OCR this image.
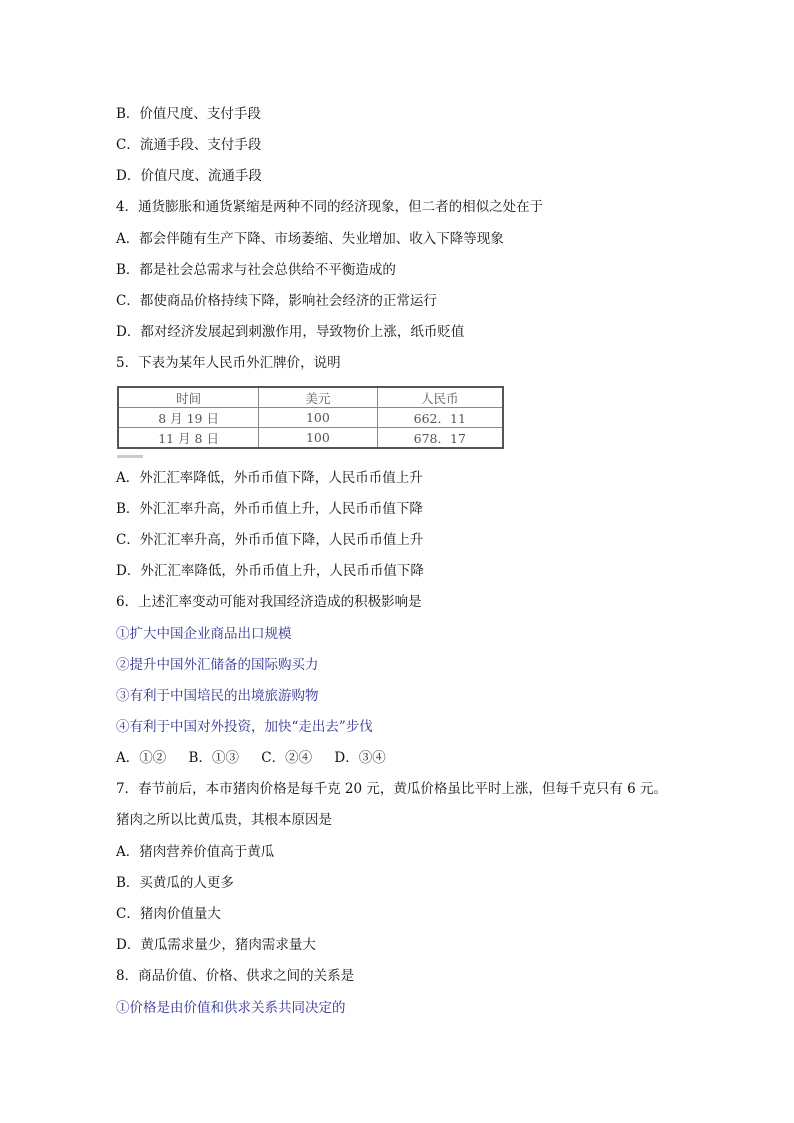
B．价值尺度、支付手段
C．流通手段、支付手段
D．价值尺度、流通手段
4．通货膨胀和通货紧缩是两种不同的经济现象，但二者的相似之处在于
A．都会伴随有生产下降、市场萎缩、失业增加、收入下降等现象
B．都是社会总需求与社会总供给不平衡造成的
C．都使商品价格持续下降，影响社会经济的正常运行
D．都对经济发展起到刺激作用，导致物价上涨，纸币贬值
5．下表为某年人民币外汇牌价，说明
A．外汇汇率降低，外币币值下降，人民币币值上升
B．外汇汇率升高，外币币值上升，人民币币值下降
C．外汇汇率升高，外币币值下降，人民币币值上升
D．外汇汇率降低，外币币值上升，人民币币值下降
6．上述汇率变动可能对我国经济造成的积极影响是
①扩大中国企业商品出口规模
②提升中国外汇储备的国际购买力
③有利于中国培民的出境旅游购物
④有利于中国对外投资，加快“走出去”步伐
7．春节前后，本市猪肉价格是每千克 20 元，黄瓜价格虽比平时上涨，但每千克只有 6 元。
猪肉之所以比黄瓜贵，其根本原因是
A．猪肉营养价值高于黄瓜
B．买黄瓜的人更多
C．猪肉价值量大
D．黄瓜需求量少，猪肉需求量大
8．商品价值、价格、供求之间的关系是
①价格是由价值和供求关系共同决定的
时间	美元	人民币
8 月 19 日	100	662．11
11 月 8 日	100	678．17
A．①② B．①③ C．②④ D．③④
